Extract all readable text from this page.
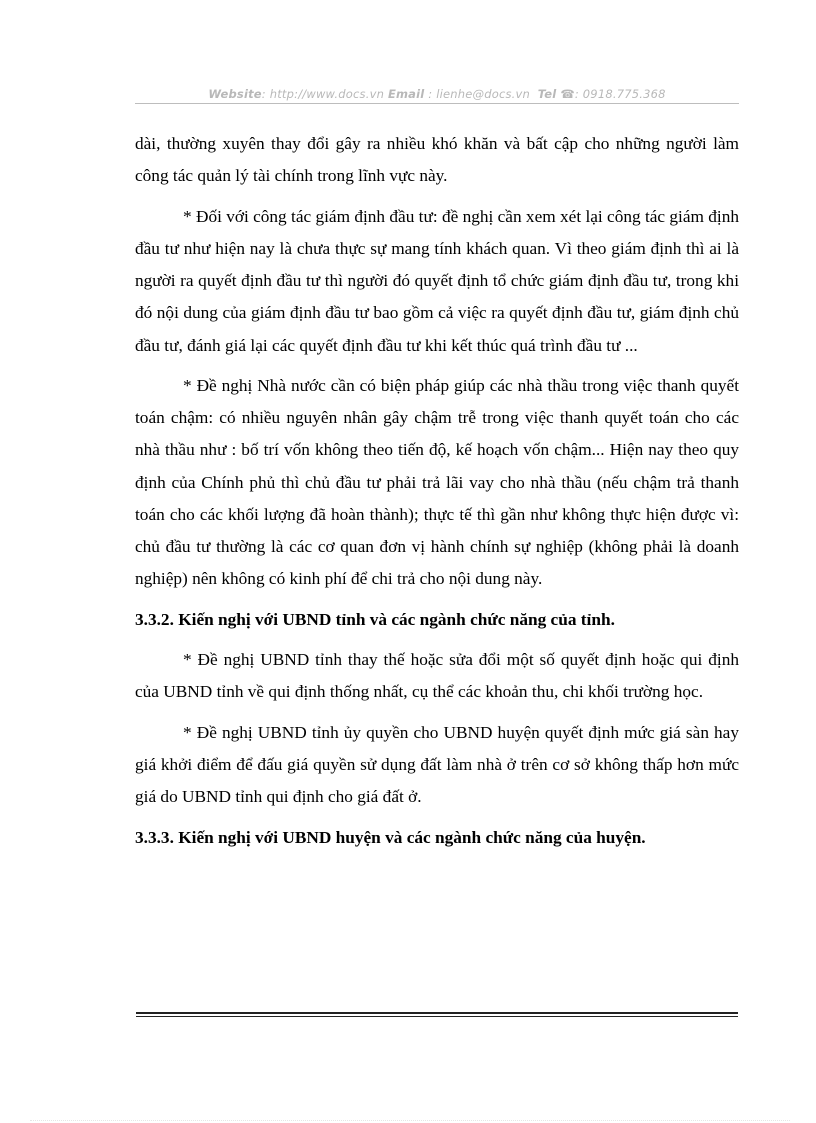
Website: http://www.docs.vn Email : lienhe@docs.vn Tel ☎: 0918.775.368

dài, thường xuyên thay đổi gây ra nhiều khó khăn và bất cập cho những người làm công tác quản lý tài chính trong lĩnh vực này.

* Đối với công tác giám định đầu tư: đề nghị cần xem xét lại công tác giám định đầu tư như hiện nay là chưa thực sự mang tính khách quan. Vì theo giám định thì ai là người ra quyết định đầu tư thì người đó quyết định tổ chức giám định đầu tư, trong khi đó nội dung của giám định đầu tư bao gồm cả việc ra quyết định đầu tư, giám định chủ đầu tư, đánh giá lại các quyết định đầu tư khi kết thúc quá trình đầu tư ...

* Đề nghị Nhà nước cần có biện pháp giúp các nhà thầu trong việc thanh quyết toán chậm: có nhiều nguyên nhân gây chậm trễ trong việc thanh quyết toán cho các nhà thầu như : bố trí vốn không theo tiến độ, kế hoạch vốn chậm... Hiện nay theo quy định của Chính phủ thì chủ đầu tư phải trả lãi vay cho nhà thầu (nếu chậm trả thanh toán cho các khối lượng đã hoàn thành); thực tế thì gần như không thực hiện được vì: chủ đầu tư thường là các cơ quan đơn vị hành chính sự nghiệp (không phải là doanh nghiệp) nên không có kinh phí để chi trả cho nội dung này.

3.3.2. Kiến nghị với UBND tỉnh và các ngành chức năng của tỉnh.

* Đề nghị UBND tỉnh thay thế hoặc sửa đổi một số quyết định hoặc qui định của UBND tỉnh về qui định thống nhất, cụ thể các khoản thu, chi khối trường học.

* Đề nghị UBND tỉnh ủy quyền cho UBND huyện quyết định mức giá sàn hay giá khởi điểm để đấu giá quyền sử dụng đất làm nhà ở trên cơ sở không thấp hơn mức giá do UBND tỉnh qui định cho giá đất ở.

3.3.3. Kiến nghị với UBND huyện và các ngành chức năng của huyện.
